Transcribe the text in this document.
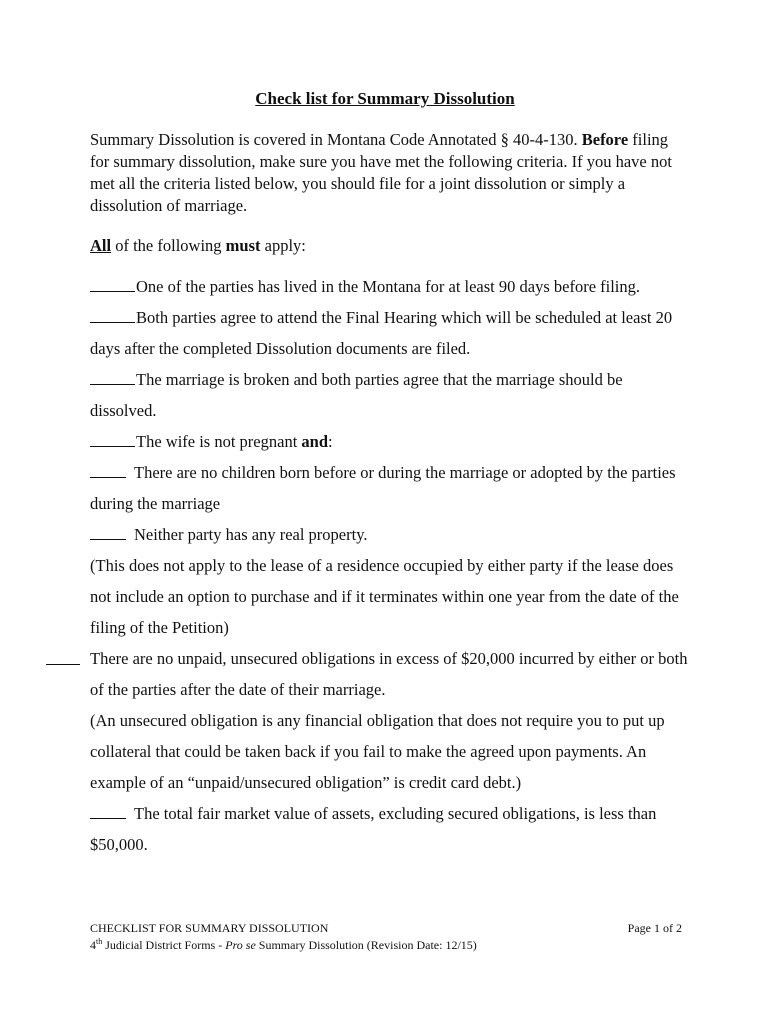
Check list for Summary Dissolution
Summary Dissolution is covered in Montana Code Annotated § 40-4-130. Before filing for summary dissolution, make sure you have met the following criteria. If you have not met all the criteria listed below, you should file for a joint dissolution or simply a dissolution of marriage.
All of the following must apply:

One of the parties has lived in the Montana for at least 90 days before filing.

Both parties agree to attend the Final Hearing which will be scheduled at least 20 days after the completed Dissolution documents are filed.

The marriage is broken and both parties agree that the marriage should be dissolved.

The wife is not pregnant and:

There are no children born before or during the marriage or adopted by the parties during the marriage

Neither party has any real property.

(This does not apply to the lease of a residence occupied by either party if the lease does not include an option to purchase and if it terminates within one year from the date of the filing of the Petition)

There are no unpaid, unsecured obligations in excess of $20,000 incurred by either or both of the parties after the date of their marriage.

(An unsecured obligation is any financial obligation that does not require you to put up collateral that could be taken back if you fail to make the agreed upon payments. An example of an “unpaid/unsecured obligation” is credit card debt.)

The total fair market value of assets, excluding secured obligations, is less than $50,000.

CHECKLIST FOR SUMMARY DISSOLUTION	Page 1 of 2
4th Judicial District Forms - Pro se Summary Dissolution (Revision Date: 12/15)
